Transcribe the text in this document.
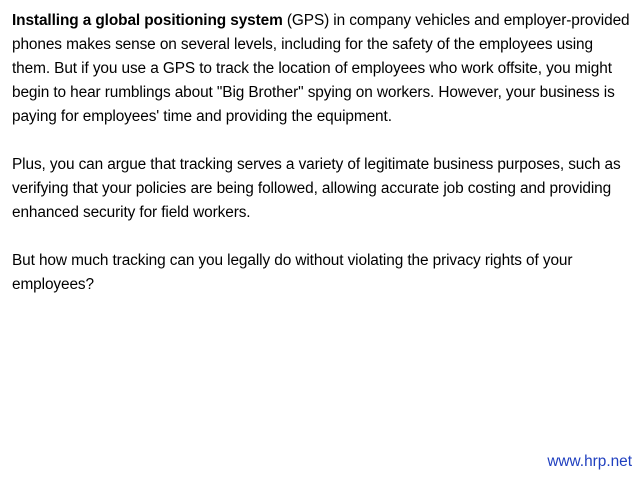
Installing a global positioning system (GPS) in company vehicles and employer-provided phones makes sense on several levels, including for the safety of the employees using them. But if you use a GPS to track the location of employees who work offsite, you might begin to hear rumblings about "Big Brother" spying on workers. However, your business is paying for employees' time and providing the equipment.

Plus, you can argue that tracking serves a variety of legitimate business purposes, such as verifying that your policies are being followed, allowing accurate job costing and providing enhanced security for field workers.

But how much tracking can you legally do without violating the privacy rights of your employees?

www.hrp.net
